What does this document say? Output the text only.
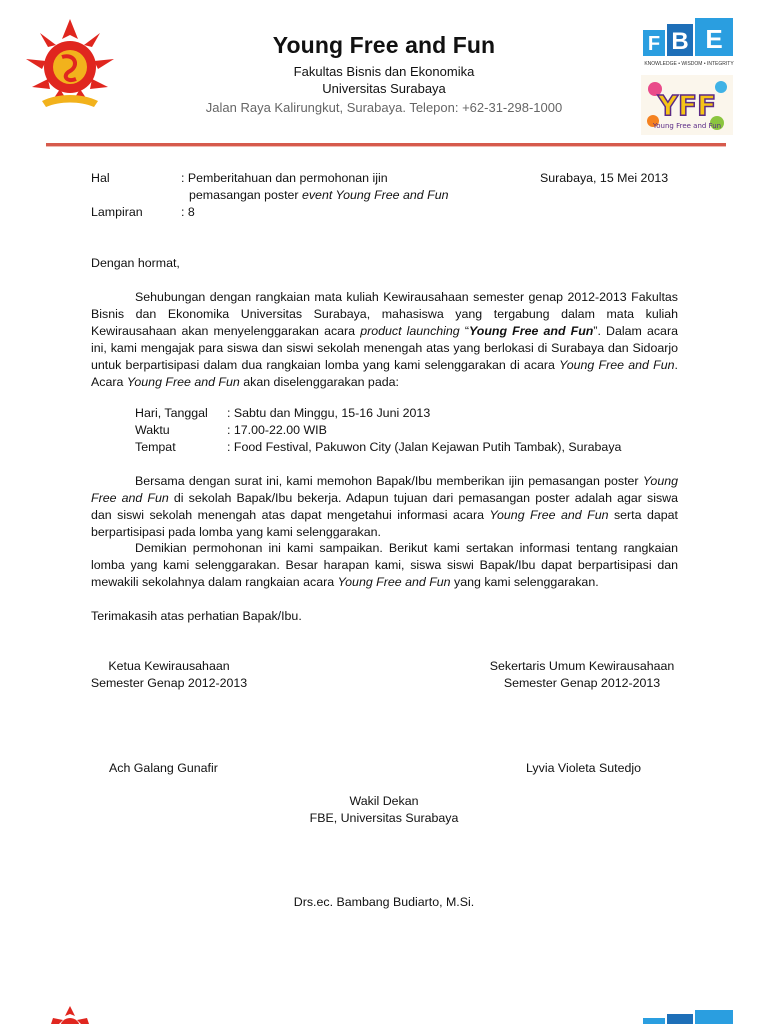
F B E
KNOWLEDGE • WISDOM • INTEGRITY
YFF
Young Free and Fun
Young Free and Fun
Fakultas Bisnis dan Ekonomika
Universitas Surabaya
Jalan Raya Kalirungkut, Surabaya. Telepon: +62-31-298-1000
Hal	: Pemberitahuan dan permohonan ijin
pemasangan poster event Young Free and Fun
Surabaya, 15 Mei 2013
Lampiran	: 8
Dengan hormat,
Sehubungan dengan rangkaian mata kuliah Kewirausahaan semester genap 2012-2013 Fakultas Bisnis dan Ekonomika Universitas Surabaya, mahasiswa yang tergabung dalam mata kuliah Kewirausahaan akan menyelenggarakan acara product launching “Young Free and Fun”. Dalam acara ini, kami mengajak para siswa dan siswi sekolah menengah atas yang berlokasi di Surabaya dan Sidoarjo untuk berpartisipasi dalam dua rangkaian lomba yang kami selenggarakan di acara Young Free and Fun. Acara Young Free and Fun akan diselenggarakan pada:
Hari, Tanggal	: Sabtu dan Minggu, 15-16 Juni 2013
Waktu	: 17.00-22.00 WIB
Tempat	: Food Festival, Pakuwon City (Jalan Kejawan Putih Tambak), Surabaya
Bersama dengan surat ini, kami memohon Bapak/Ibu memberikan ijin pemasangan poster Young Free and Fun di sekolah Bapak/Ibu bekerja. Adapun tujuan dari pemasangan poster adalah agar siswa dan siswi sekolah menengah atas dapat mengetahui informasi acara Young Free and Fun serta dapat berpartisipasi pada lomba yang kami selenggarakan.
Demikian permohonan ini kami sampaikan. Berikut kami sertakan informasi tentang rangkaian lomba yang kami selenggarakan. Besar harapan kami, siswa siswi Bapak/Ibu dapat berpartisipasi dan mewakili sekolahnya dalam rangkaian acara Young Free and Fun yang kami selenggarakan.
Terimakasih atas perhatian Bapak/Ibu.
Ketua Kewirausahaan
Semester Genap 2012-2013
Sekertaris Umum Kewirausahaan
Semester Genap 2012-2013
Ach Galang Gunafir	Lyvia Violeta Sutedjo
Wakil Dekan
FBE, Universitas Surabaya
Drs.ec. Bambang Budiarto, M.Si.
